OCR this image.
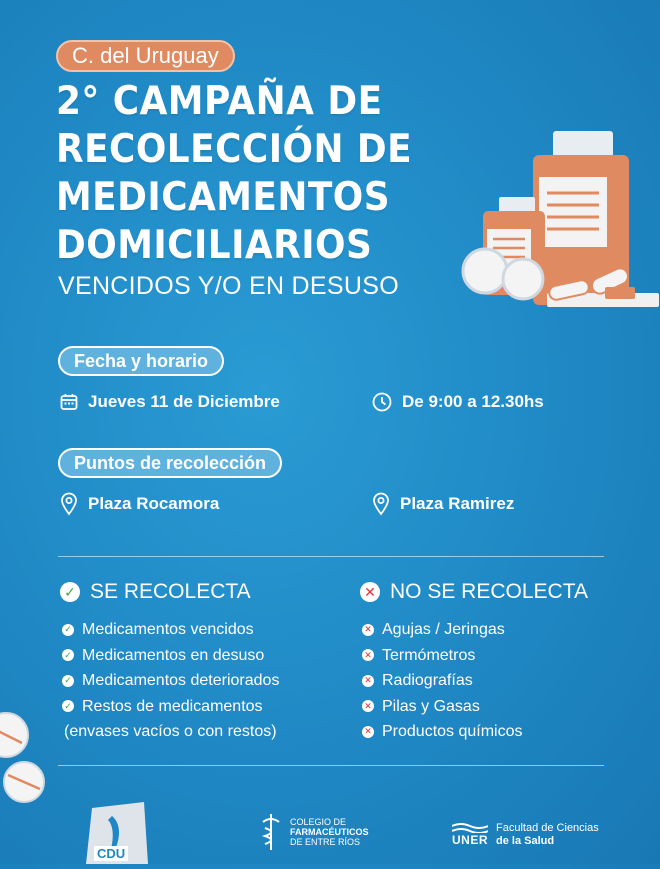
C. del Uruguay
2° CAMPAÑA DE
RECOLECCIÓN DE
MEDICAMENTOS
DOMICILIARIOS
VENCIDOS Y/O EN DESUSO
Fecha y horario
Jueves 11 de Diciembre	De 9:00 a 12.30hs
Puntos de recolección
Plaza Rocamora	Plaza Ramirez
✓ SE RECOLECTA
✓ Medicamentos vencidos
✓ Medicamentos en desuso
✓ Medicamentos deteriorados
✓ Restos de medicamentos
(envases vacíos o con restos)
✕ NO SE RECOLECTA
✕ Agujas / Jeringas
✕ Termómetros
✕ Radiografías
✕ Pilas y Gasas
✕ Productos químicos
CDU
COLEGIO DE
FARMACÉUTICOS
DE ENTRE RÍOS	UNER
Facultad de Ciencias
de la Salud
